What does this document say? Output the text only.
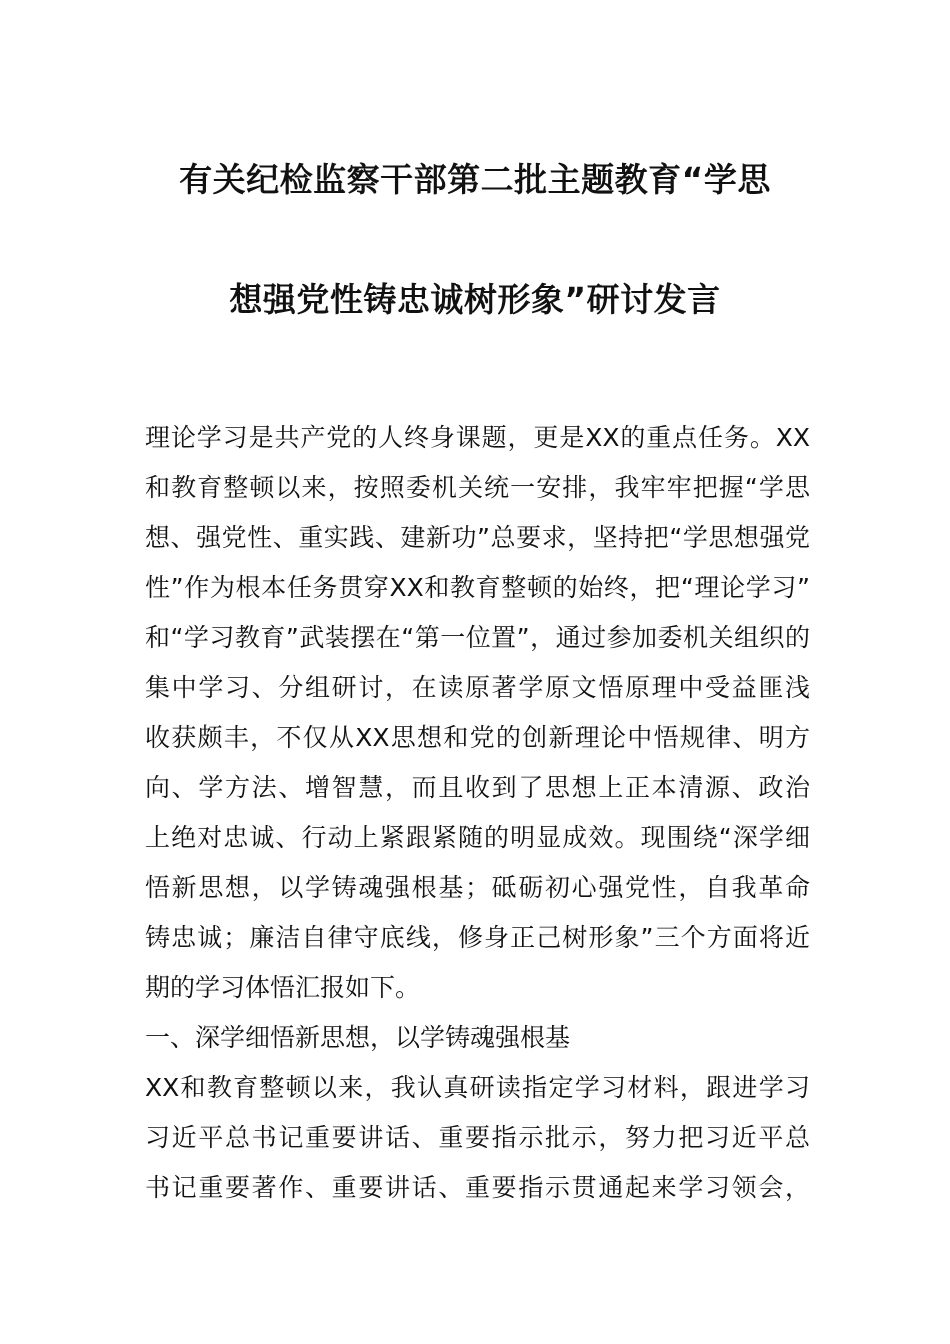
有关纪检监察干部第二批主题教育“学思
想强党性铸忠诚树形象”研讨发言
理论学习是共产党的人终身课题，更是XX的重点任务。XX
和教育整顿以来，按照委机关统一安排，我牢牢把握“学思
想、强党性、重实践、建新功”总要求，坚持把“学思想强党
性”作为根本任务贯穿XX和教育整顿的始终，把“理论学习”
和“学习教育”武装摆在“第一位置”，通过参加委机关组织的
集中学习、分组研讨，在读原著学原文悟原理中受益匪浅
收获颇丰，不仅从XX思想和党的创新理论中悟规律、明方
向、学方法、增智慧，而且收到了思想上正本清源、政治
上绝对忠诚、行动上紧跟紧随的明显成效。现围绕“深学细
悟新思想，以学铸魂强根基；砥砺初心强党性，自我革命
铸忠诚；廉洁自律守底线，修身正己树形象”三个方面将近
期的学习体悟汇报如下。
一、深学细悟新思想，以学铸魂强根基
XX和教育整顿以来，我认真研读指定学习材料，跟进学习
习近平总书记重要讲话、重要指示批示，努力把习近平总
书记重要著作、重要讲话、重要指示贯通起来学习领会，
